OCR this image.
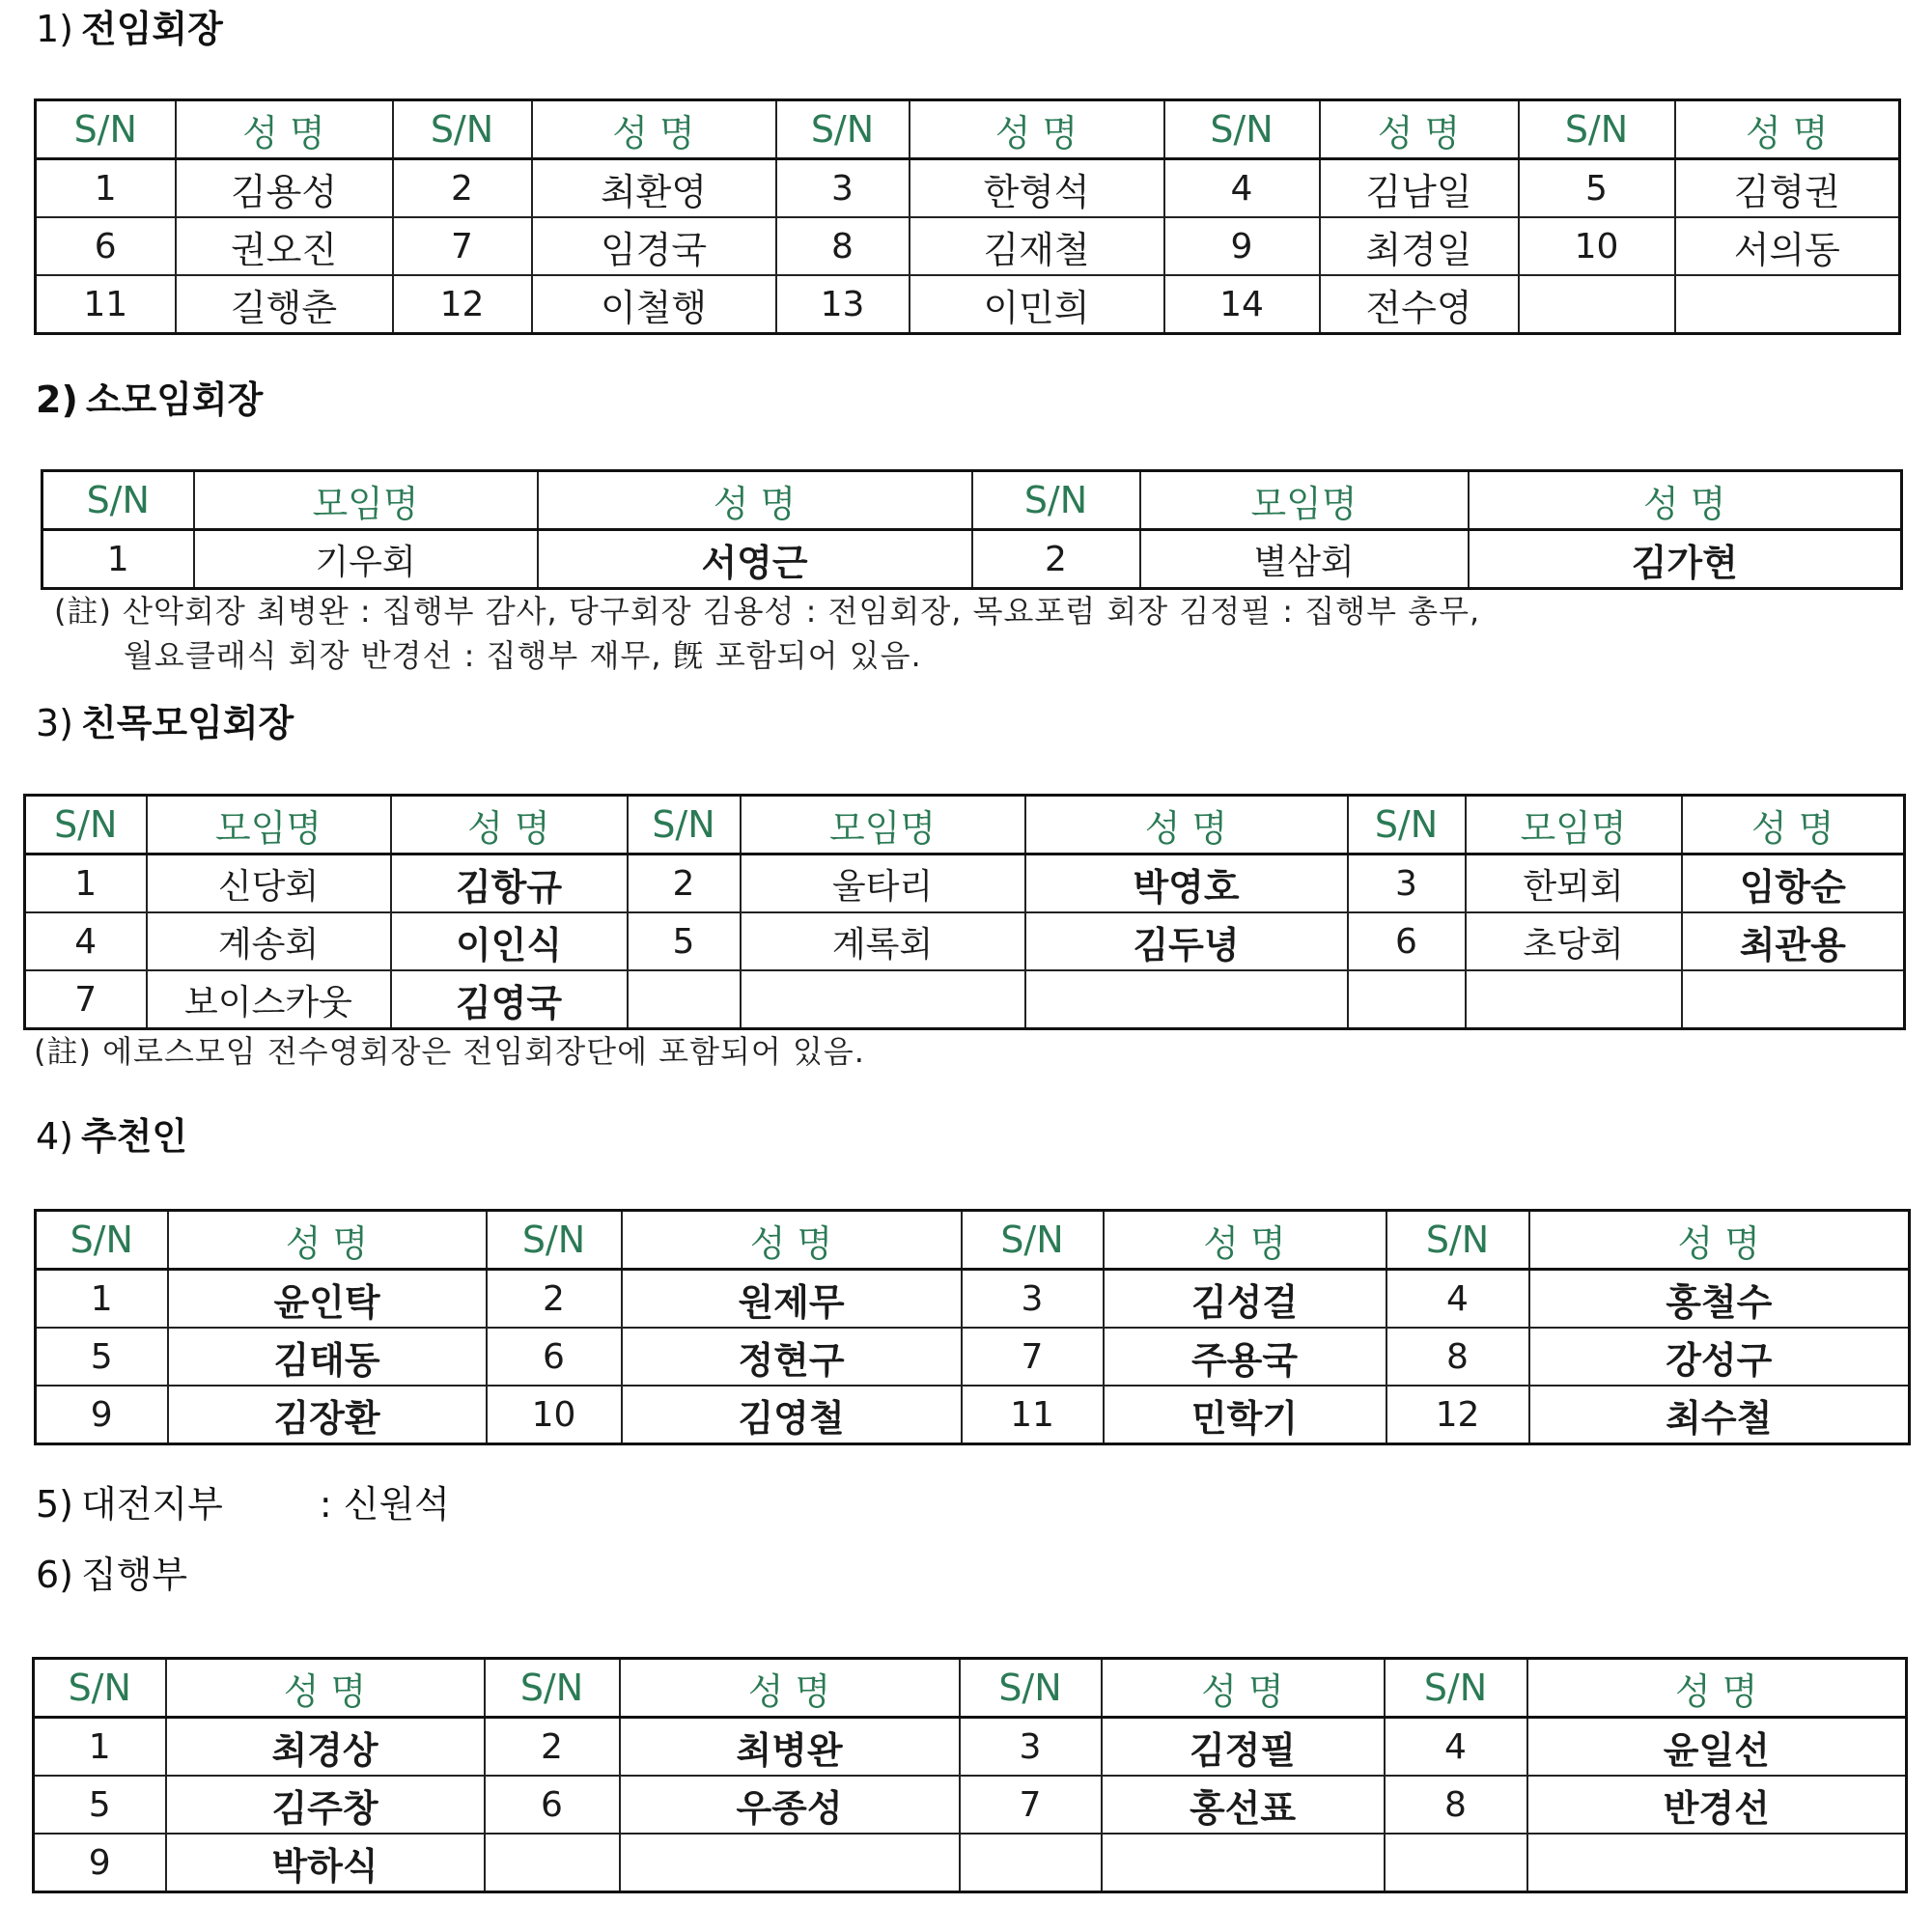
1) 전임회장
S/N	성 명	S/N	성 명	S/N	성 명	S/N	성 명	S/N	성 명
1	김용성	2	최환영	3	한형석	4	김남일	5	김형권
6	권오진	7	임경국	8	김재철	9	최경일	10	서의동
11	길행춘	12	이철행	13	이민희	14	전수영		
2) 소모임회장
S/N	모임명	성 명	S/N	모임명	성 명
1	기우회	서영근	2	별삼회	김가현
(註) 산악회장 최병완 : 집행부 감사, 당구회장 김용성 : 전임회장, 목요포럼 회장 김정필 : 집행부 총무,
월요클래식 회장 반경선 : 집행부 재무, 旣 포함되어 있음.
3) 친목모임회장
S/N	모임명	성 명	S/N	모임명	성 명	S/N	모임명	성 명
1	신당회	김항규	2	울타리	박영호	3	한뫼회	임항순
4	계송회	이인식	5	계록회	김두녕	6	초당회	최관용
7	보이스카웃	김영국						
(註) 에로스모임 전수영회장은 전임회장단에 포함되어 있음.
4) 추천인
S/N	성 명	S/N	성 명	S/N	성 명	S/N	성 명
1	윤인탁	2	원제무	3	김성걸	4	홍철수
5	김태동	6	정현구	7	주용국	8	강성구
9	김장환	10	김영철	11	민학기	12	최수철
5) 대전지부	: 신원석
6) 집행부
S/N	성 명	S/N	성 명	S/N	성 명	S/N	성 명
1	최경상	2	최병완	3	김정필	4	윤일선
5	김주창	6	우종성	7	홍선표	8	반경선
9	박하식						
